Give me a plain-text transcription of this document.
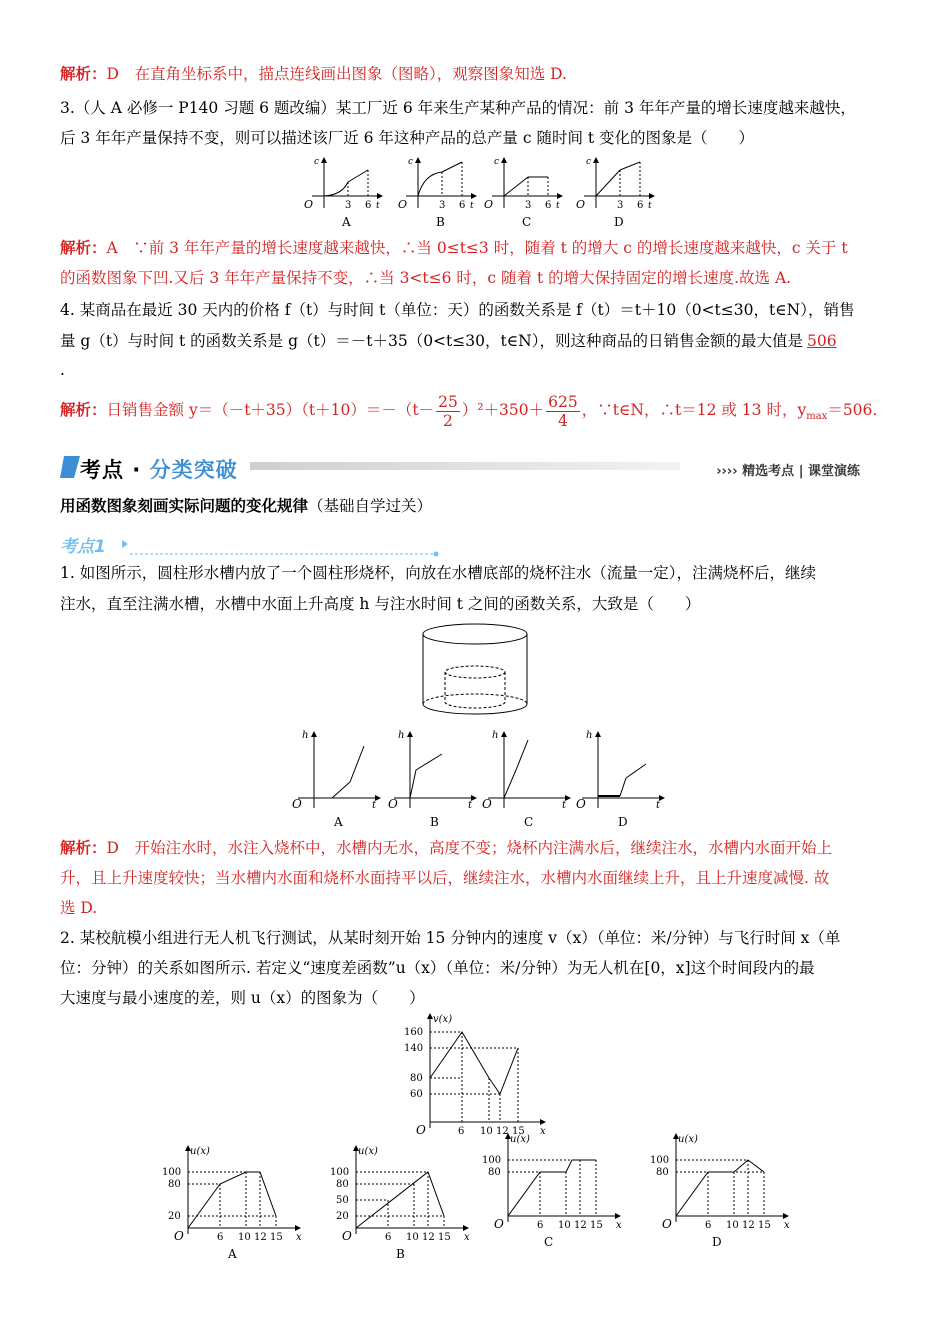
解析：D　在直角坐标系中，描点连线画出图象（图略），观察图象知选 D.
3.（人 A 必修一 P140 习题 6 题改编）某工厂近 6 年来生产某种产品的情况：前 3 年年产量的增长速度越来越快，
后 3 年年产量保持不变，则可以描述该厂近 6 年这种产品的总产量 c 随时间 t 变化的图象是（　　）
O
c
t
3 6
A
O
c
t
3 6
B
O
c
t
3 6
C
O
c
t
3 6
D
解析：A　∵前 3 年年产量的增长速度越来越快，∴当 0≤t≤3 时，随着 t 的增大 c 的增长速度越来越快，c 关于 t
的函数图象下凹.又后 3 年年产量保持不变，∴当 3<t≤6 时，c 随着 t 的增大保持固定的增长速度.故选 A.
4. 某商品在最近 30 天内的价格 f（t）与时间 t（单位：天）的函数关系是 f（t）＝t＋10（0<t≤30，t∈N），销售
量 g（t）与时间 t 的函数关系是 g（t）＝－t＋35（0<t≤30，t∈N），则这种商品的日销售金额的最大值是 506
.
解析：日销售金额 $y=(-t+35)(t+10)=-(t- \frac{25}{2} )^2+350+ \frac{625}{4}$ ，∵t∈N，∴t＝12 或 13 时，$y_{max}=506$.
考点 · 分类突破	›››› 精选考点 | 课堂演练
用函数图象刻画实际问题的变化规律（基础自学过关）
考点1
1. 如图所示，圆柱形水槽内放了一个圆柱形烧杯，向放在水槽底部的烧杯注水（流量一定），注满烧杯后，继续
注水，直至注满水槽，水槽中水面上升高度 h 与注水时间 t 之间的函数关系，大致是（　　）
O
h
t
A
O
h
t
B
O
h
t
C
O
h
t
D
解析：D　开始注水时，水注入烧杯中，水槽内无水，高度不变；烧杯内注满水后，继续注水，水槽内水面开始上
升，且上升速度较快；当水槽内水面和烧杯水面持平以后，继续注水，水槽内水面继续上升，且上升速度减慢. 故
选 D.
2. 某校航模小组进行无人机飞行测试，从某时刻开始 15 分钟内的速度 v（x）（单位：米/分钟）与飞行时间 x（单
位：分钟）的关系如图所示. 若定义“速度差函数”u（x）（单位：米/分钟）为无人机在[0，x]这个时间段内的最
大速度与最小速度的差，则 u（x）的图象为（　　）
v(x)
160
140
80
60
O	6 10 12 15 x
u(x)
100
80
20
O	6 10 12 15 x
A
u(x)
100
80
50
20
O	6 10 12 15 x
B
u(x)
100
80
O	6 10 12 15 x
C
u(x)
100
80
O	6 10 12 15 x
D
